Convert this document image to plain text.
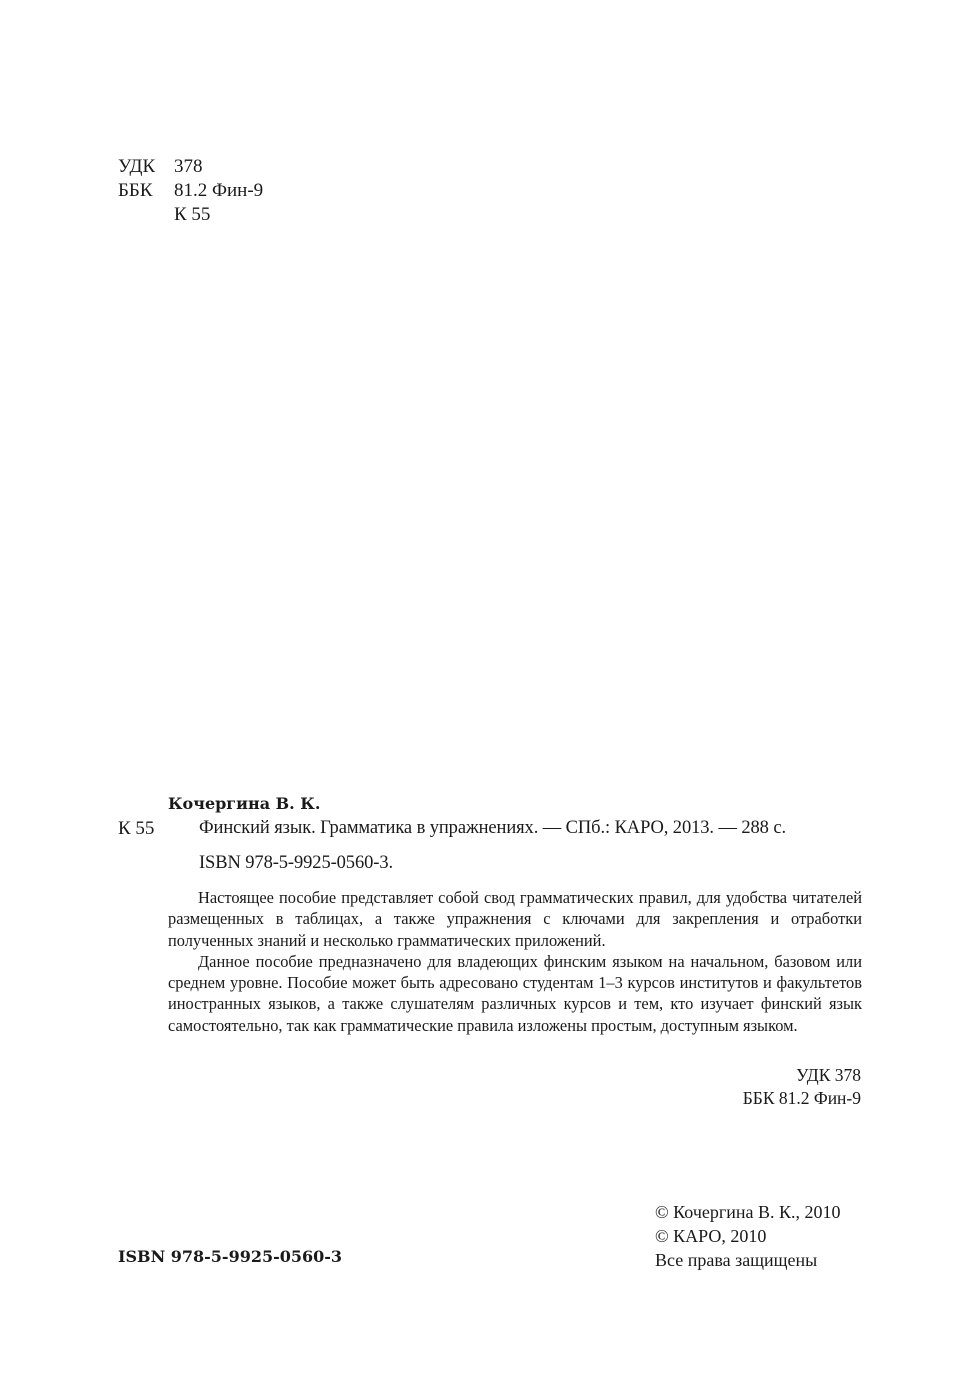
УДК 378
ББК 81.2 Фин-9
К 55
Кочергина В. К.
К 55 Финский язык. Грамматика в упражнениях. — СПб.: КАРО, 2013. — 288 с.
ISBN 978-5-9925-0560-3.

Настоящее пособие представляет собой свод грамматических правил, для удобства читателей размещенных в таблицах, а также упражнения с ключами для закрепления и отработки полученных знаний и несколько грамматических приложений.

Данное пособие предназначено для владеющих финским языком на начальном, базовом или среднем уровне. Пособие может быть адресовано студентам 1–3 курсов институтов и факультетов иностранных языков, а также слушателям различных курсов и тем, кто изучает финский язык самостоятельно, так как грамматические правила изложены простым, доступным языком.

УДК 378
ББК 81.2 Фин-9
ISBN 978-5-9925-0560-3
© Кочергина В. К., 2010
© КАРО, 2010
Все права защищены
